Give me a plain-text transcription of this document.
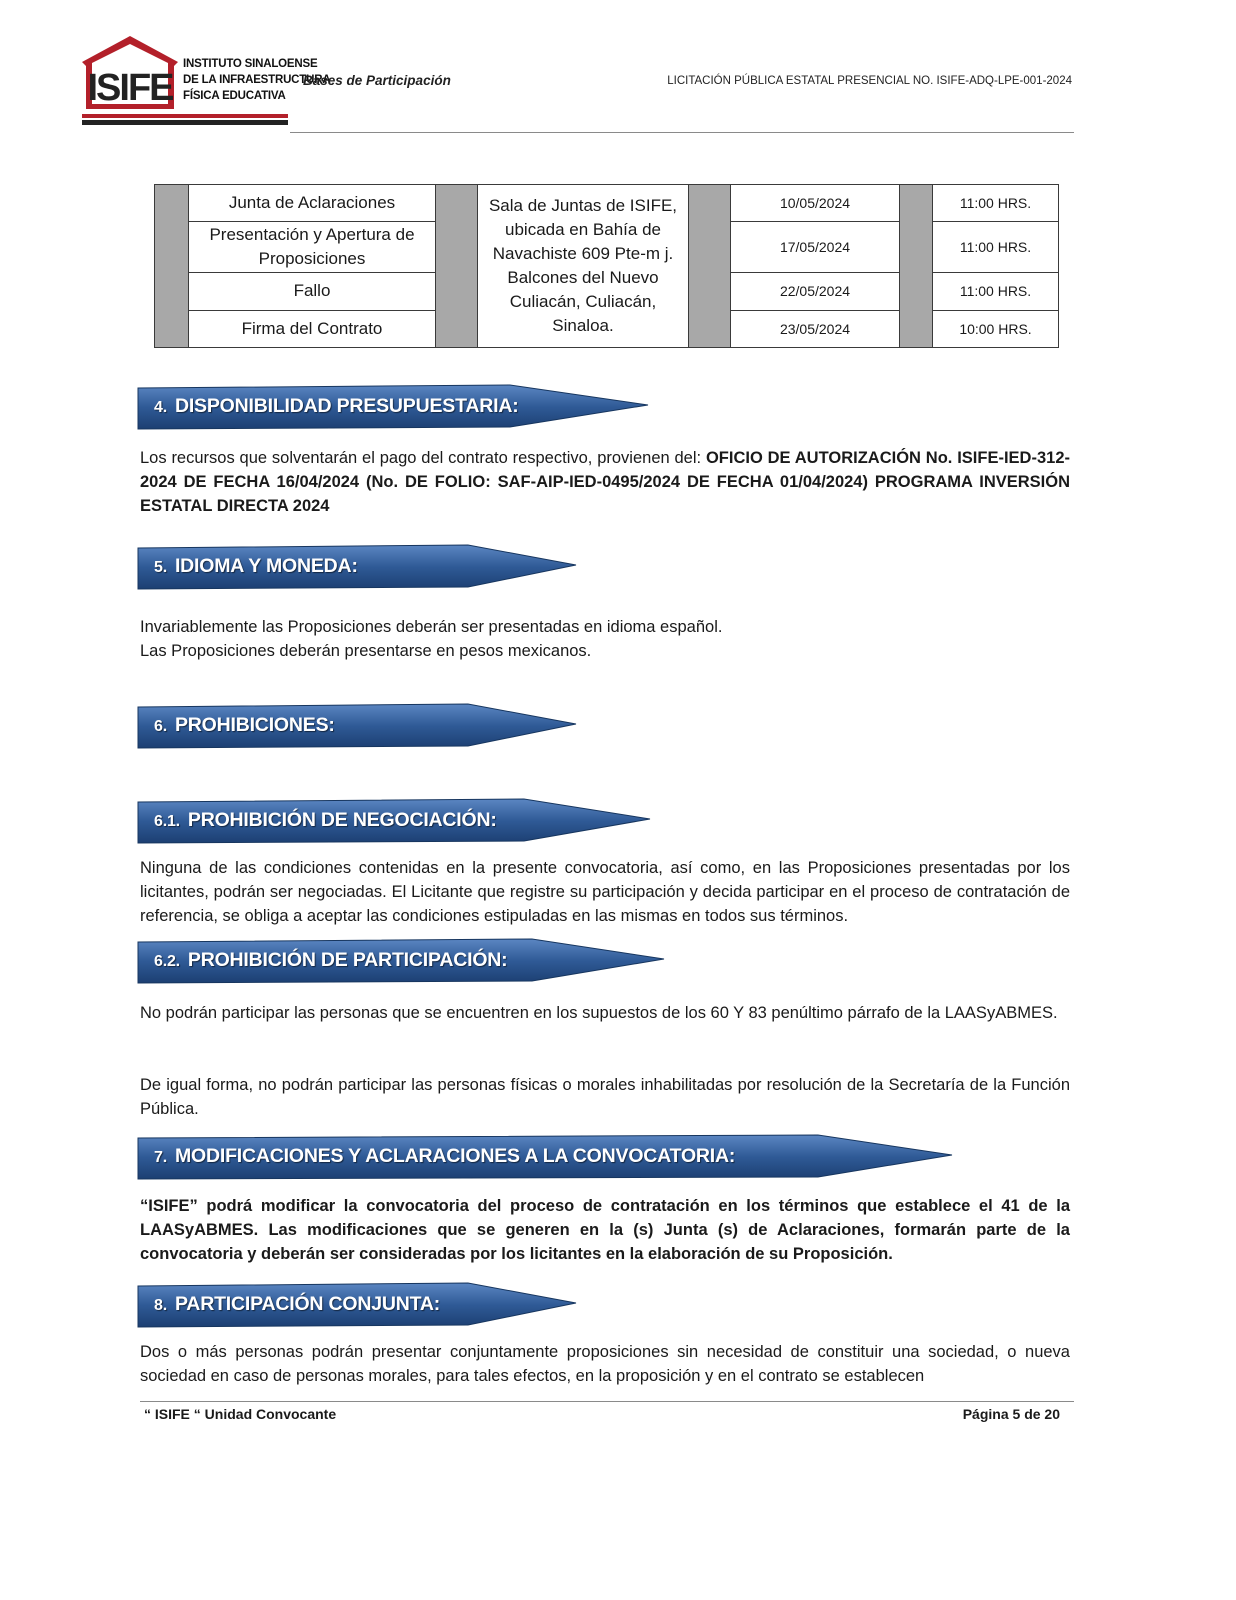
ISIFE
INSTITUTO SINALOENSE
DE LA INFRAESTRUCTURA
FÍSICA EDUCATIVA
Bases de Participación	LICITACIÓN PÚBLICA ESTATAL PRESENCIAL NO. ISIFE-ADQ-LPE-001-2024
	Junta de Aclaraciones		Sala de Juntas de ISIFE, ubicada en Bahía de Navachiste 609 Pte-m j. Balcones del Nuevo Culiacán, Culiacán, Sinaloa.		10/05/2024		11:00 HRS.
	Presentación y Apertura de Proposiciones				17/05/2024		11:00 HRS.
	Fallo				22/05/2024		11:00 HRS.
	Firma del Contrato				23/05/2024		10:00 HRS.
4. DISPONIBILIDAD PRESUPUESTARIA:
Los recursos que solventarán el pago del contrato respectivo, provienen del: OFICIO DE AUTORIZACIÓN No. ISIFE-IED-312-2024 DE FECHA 16/04/2024 (No. DE FOLIO: SAF-AIP-IED-0495/2024 DE FECHA 01/04/2024) PROGRAMA INVERSIÓN ESTATAL DIRECTA 2024
5. IDIOMA Y MONEDA:
Invariablemente las Proposiciones deberán ser presentadas en idioma español.
Las Proposiciones deberán presentarse en pesos mexicanos.
6. PROHIBICIONES:
6.1. PROHIBICIÓN DE NEGOCIACIÓN:
Ninguna de las condiciones contenidas en la presente convocatoria, así como, en las Proposiciones presentadas por los licitantes, podrán ser negociadas. El Licitante que registre su participación y decida participar en el proceso de contratación de referencia, se obliga a aceptar las condiciones estipuladas en las mismas en todos sus términos.
6.2. PROHIBICIÓN DE PARTICIPACIÓN:
No podrán participar las personas que se encuentren en los supuestos de los 60 Y 83 penúltimo párrafo de la LAASyABMES.
De igual forma, no podrán participar las personas físicas o morales inhabilitadas por resolución de la Secretaría de la Función Pública.
7. MODIFICACIONES Y ACLARACIONES A LA CONVOCATORIA:
“ISIFE” podrá modificar la convocatoria del proceso de contratación en los términos que establece el 41 de la LAASyABMES. Las modificaciones que se generen en la (s) Junta (s) de Aclaraciones, formarán parte de la convocatoria y deberán ser consideradas por los licitantes en la elaboración de su Proposición.
8. PARTICIPACIÓN CONJUNTA:
Dos o más personas podrán presentar conjuntamente proposiciones sin necesidad de constituir una sociedad, o nueva sociedad en caso de personas morales, para tales efectos, en la proposición y en el contrato se establecen
“ ISIFE “ Unidad Convocante	Página 5 de 20
